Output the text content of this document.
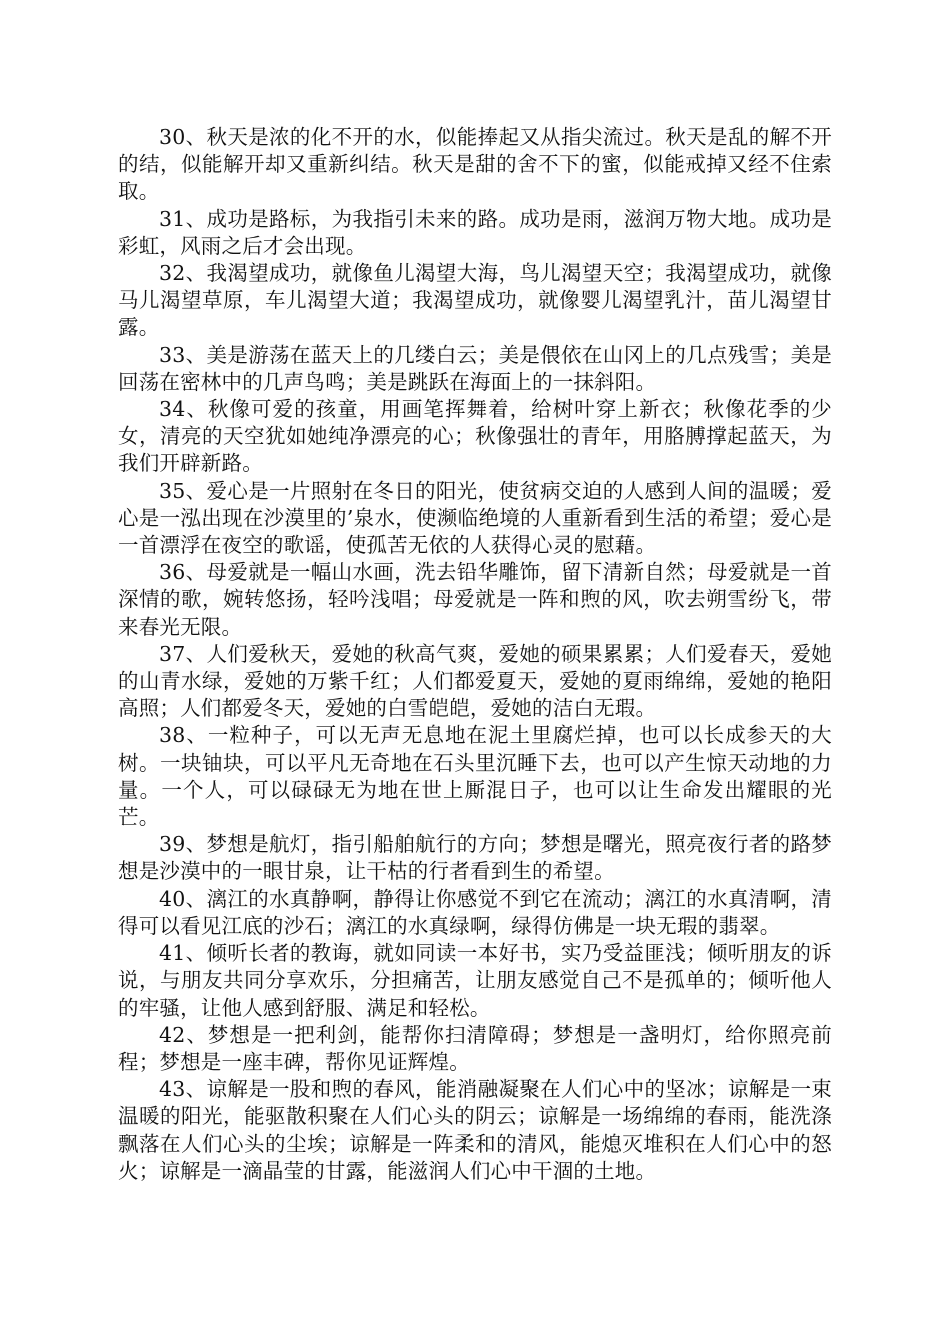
30、秋天是浓的化不开的水，似能捧起又从指尖流过。秋天是乱的解不开的结，似能解开却又重新纠结。秋天是甜的舍不下的蜜，似能戒掉又经不住索取。

31、成功是路标，为我指引未来的路。成功是雨，滋润万物大地。成功是彩虹，风雨之后才会出现。

32、我渴望成功，就像鱼儿渴望大海，鸟儿渴望天空；我渴望成功，就像马儿渴望草原，车儿渴望大道；我渴望成功，就像婴儿渴望乳汁，苗儿渴望甘露。

33、美是游荡在蓝天上的几缕白云；美是偎依在山冈上的几点残雪；美是回荡在密林中的几声鸟鸣；美是跳跃在海面上的一抹斜阳。

34、秋像可爱的孩童，用画笔挥舞着，给树叶穿上新衣；秋像花季的少女，清亮的天空犹如她纯净漂亮的心；秋像强壮的青年，用胳膊撑起蓝天，为我们开辟新路。

35、爱心是一片照射在冬日的阳光，使贫病交迫的人感到人间的温暖；爱心是一泓出现在沙漠里的’泉水，使濒临绝境的人重新看到生活的希望；爱心是一首漂浮在夜空的歌谣，使孤苦无依的人获得心灵的慰藉。

36、母爱就是一幅山水画，洗去铅华雕饰，留下清新自然；母爱就是一首深情的歌，婉转悠扬，轻吟浅唱；母爱就是一阵和煦的风，吹去朔雪纷飞，带来春光无限。

37、人们爱秋天，爱她的秋高气爽，爱她的硕果累累；人们爱春天，爱她的山青水绿，爱她的万紫千红；人们都爱夏天，爱她的夏雨绵绵，爱她的艳阳高照；人们都爱冬天，爱她的白雪皑皑，爱她的洁白无瑕。

38、一粒种子，可以无声无息地在泥土里腐烂掉，也可以长成参天的大树。一块铀块，可以平凡无奇地在石头里沉睡下去，也可以产生惊天动地的力量。一个人，可以碌碌无为地在世上厮混日子，也可以让生命发出耀眼的光芒。

39、梦想是航灯，指引船舶航行的方向；梦想是曙光，照亮夜行者的路梦想是沙漠中的一眼甘泉，让干枯的行者看到生的希望。

40、漓江的水真静啊，静得让你感觉不到它在流动；漓江的水真清啊，清得可以看见江底的沙石；漓江的水真绿啊，绿得仿佛是一块无瑕的翡翠。

41、倾听长者的教诲，就如同读一本好书，实乃受益匪浅；倾听朋友的诉说，与朋友共同分享欢乐，分担痛苦，让朋友感觉自己不是孤单的；倾听他人的牢骚，让他人感到舒服、满足和轻松。

42、梦想是一把利剑，能帮你扫清障碍；梦想是一盏明灯，给你照亮前程；梦想是一座丰碑，帮你见证辉煌。

43、谅解是一股和煦的春风，能消融凝聚在人们心中的坚冰；谅解是一束温暖的阳光，能驱散积聚在人们心头的阴云；谅解是一场绵绵的春雨，能洗涤飘落在人们心头的尘埃；谅解是一阵柔和的清风，能熄灭堆积在人们心中的怒火；谅解是一滴晶莹的甘露，能滋润人们心中干涸的土地。
